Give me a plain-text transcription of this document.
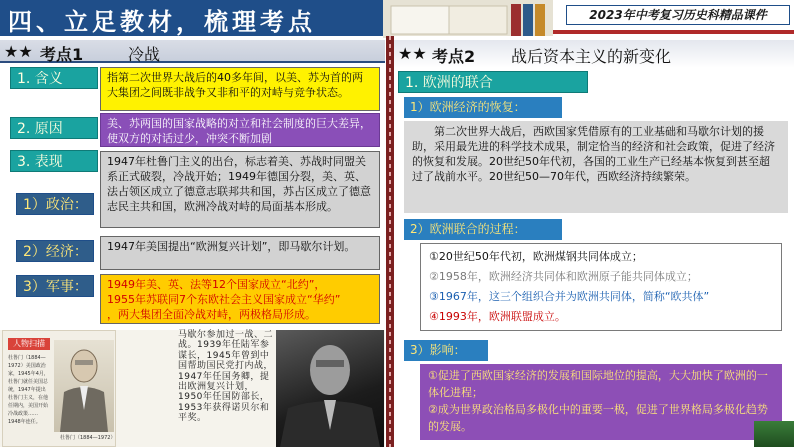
四、立足教材，梳理考点	2023年中考复习历史科精品课件
★★ 考点1	冷战
1. 含义	指第二次世界大战后的40多年间，以美、苏为首的两大集团之间既非战争又非和平的对峙与竞争状态。
2. 原因	美、苏两国的国家战略的对立和社会制度的巨大差异，使双方的对话过少，冲突不断加剧
3. 表现	1947年杜鲁门主义的出台，标志着美、苏战时同盟关系正式破裂，冷战开始；1949年德国分裂，美、英、法占领区成立了德意志联邦共和国，苏占区成立了德意志民主共和国，欧洲冷战对峙的局面基本形成。
1）政治：
2）经济：	1947年美国提出“欧洲复兴计划”，即马歇尔计划。
3）军事：	1949年美、英、法等12个国家成立“北约”，
1955年苏联同7个东欧社会主义国家成立“华约”
，两大集团全面冷战对峙，两极格局形成。
人物扫描
杜鲁门（1884—1972）美国政治家，1945年4月，杜鲁门就任美国总统，1947年提出杜鲁门主义，在他任期内，美国开始冷战政策……1948年连任。
杜鲁门（1884—1972）
马歇尔参加过一战、二战。1939年任陆军参谋长，1945年曾到中国帮助国民党打内战，1947年任国务卿，提出欧洲复兴计划，1950年任国防部长，1953年获得诺贝尔和平奖。
★★ 考点2 战后资本主义的新变化
1. 欧洲的联合
1）欧洲经济的恢复：
第二次世界大战后，西欧国家凭借原有的工业基础和马歇尔计划的援助，采用最先进的科学技术成果，制定恰当的经济和社会政策，促进了经济的恢复和发展。20世纪50年代初，各国的工业生产已经基本恢复到甚至超过了战前水平。20世纪50—70年代，西欧经济持续繁荣。
2）欧洲联合的过程：
①20世纪50年代初，欧洲煤钢共同体成立；
②1958年，欧洲经济共同体和欧洲原子能共同体成立；
③1967年，这三个组织合并为欧洲共同体，简称“欧共体”
④1993年，欧洲联盟成立。
3）影响：
①促进了西欧国家经济的发展和国际地位的提高，大大加快了欧洲的一体化进程；
②成为世界政治格局多极化中的重要一极，促进了世界格局多极化趋势的发展。
